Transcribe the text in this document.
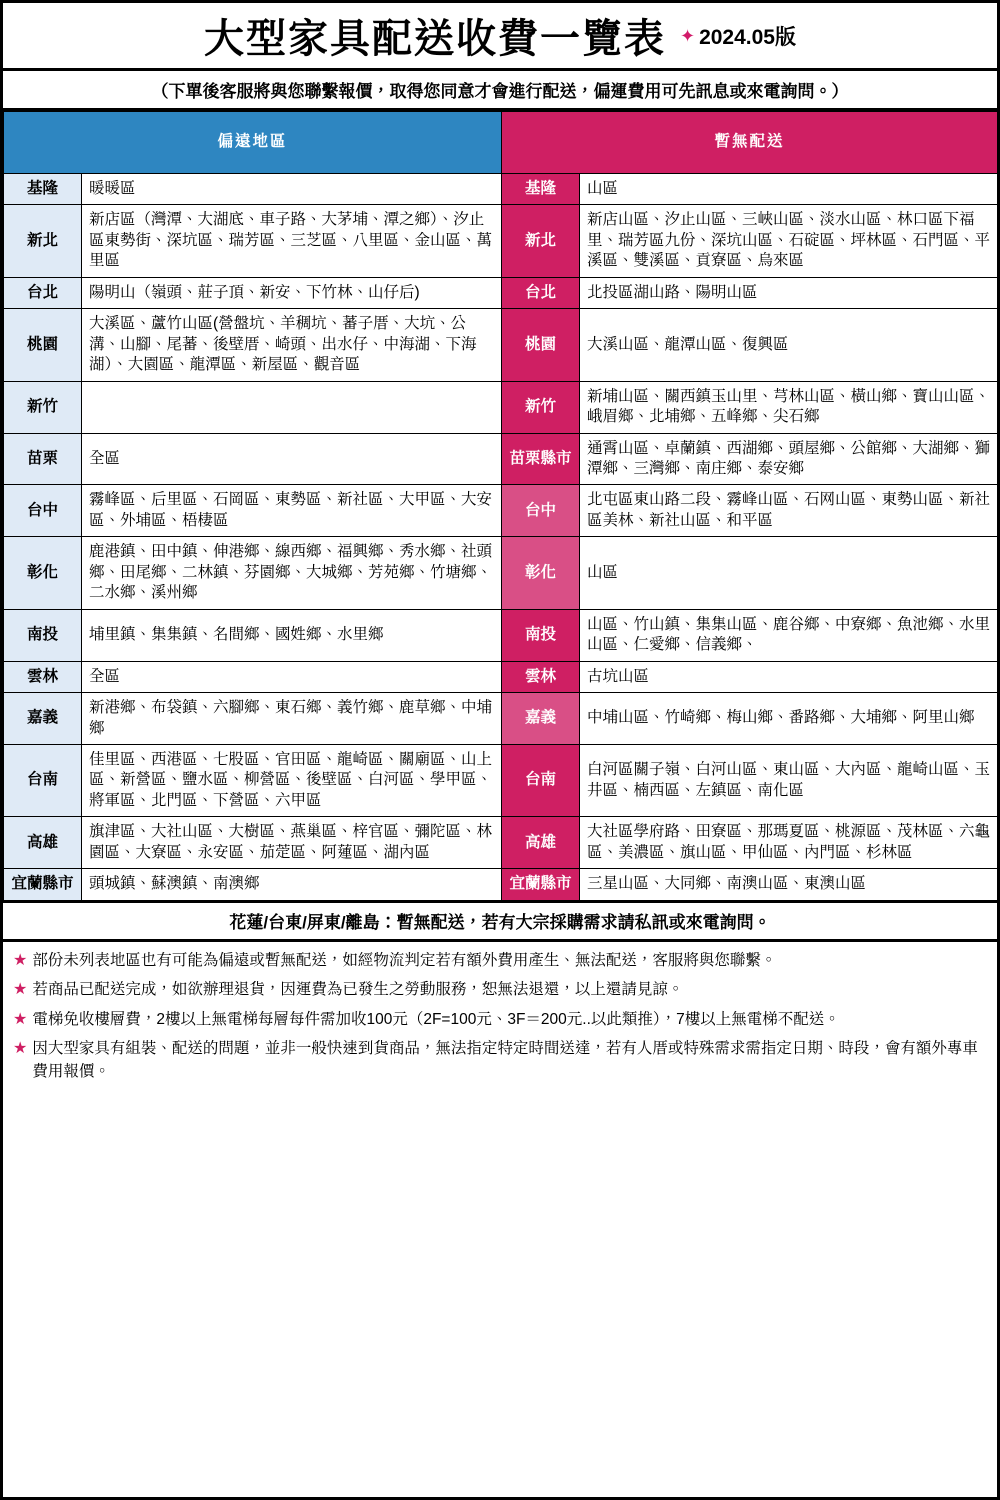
大型家具配送收費一覽表 ✦ 2024.05版
（下單後客服將與您聯繫報價，取得您同意才會進行配送，偏運費用可先訊息或來電詢問。）
偏遠地區		暫無配送	
基隆	暖暖區	基隆	山區
新北	新店區（灣潭、大湖底、車子路、大茅埔、潭之鄉）、汐止區東勢街、深坑區、瑞芳區、三芝區、八里區、金山區、萬里區	新北	新店山區、汐止山區、三峽山區、淡水山區、林口區下福里、瑞芳區九份、深坑山區、石碇區、坪林區、石門區、平溪區、雙溪區、貢寮區、烏來區
台北	陽明山（嶺頭、莊子頂、新安、下竹林、山仔后)	台北	北投區湖山路、陽明山區
桃園	大溪區、蘆竹山區(營盤坑、羊稠坑、蕃子厝、大坑、公溝、山腳、尾蕃、後壁厝、崎頭、出水仔、中海湖、下海湖）、大園區、龍潭區、新屋區、觀音區	桃園	大溪山區、龍潭山區、復興區
新竹		新竹	新埔山區、關西鎮玉山里、芎林山區、橫山鄉、寶山山區、峨眉鄉、北埔鄉、五峰鄉、尖石鄉
苗栗	全區	苗栗縣市	通霄山區、卓蘭鎮、西湖鄉、頭屋鄉、公館鄉、大湖鄉、獅潭鄉、三灣鄉、南庄鄉、泰安鄉
台中	霧峰區、后里區、石岡區、東勢區、新社區、大甲區、大安區、外埔區、梧棲區	台中	北屯區東山路二段、霧峰山區、石网山區、東勢山區、新社區美林、新社山區、和平區
彰化	鹿港鎮、田中鎮、伸港鄉、線西鄉、福興鄉、秀水鄉、社頭鄉、田尾鄉、二林鎮、芬園鄉、大城鄉、芳苑鄉、竹塘鄉、二水鄉、溪州鄉	彰化	山區
南投	埔里鎮、集集鎮、名間鄉、國姓鄉、水里鄉	南投	山區、竹山鎮、集集山區、鹿谷鄉、中寮鄉、魚池鄉、水里山區、仁愛鄉、信義鄉、
雲林	全區	雲林	古坑山區
嘉義	新港鄉、布袋鎮、六腳鄉、東石鄉、義竹鄉、鹿草鄉、中埔鄉	嘉義	中埔山區、竹崎鄉、梅山鄉、番路鄉、大埔鄉、阿里山鄉
台南	佳里區、西港區、七股區、官田區、龍崎區、關廟區、山上區、新營區、鹽水區、柳營區、後壁區、白河區、學甲區、將軍區、北門區、下營區、六甲區	台南	白河區關子嶺、白河山區、東山區、大內區、龍崎山區、玉井區、楠西區、左鎮區、南化區
高雄	旗津區、大社山區、大樹區、燕巢區、梓官區、彌陀區、林園區、大寮區、永安區、茄萣區、阿蓮區、湖內區	高雄	大社區學府路、田寮區、那瑪夏區、桃源區、茂林區、六龜區、美濃區、旗山區、甲仙區、內門區、杉林區
宜蘭縣市	頭城鎮、蘇澳鎮、南澳鄉	宜蘭縣市	三星山區、大同鄉、南澳山區、東澳山區
花蓮/台東/屏東/離島：暫無配送，若有大宗採購需求請私訊或來電詢問。
★ 部份未列表地區也有可能為偏遠或暫無配送，如經物流判定若有額外費用產生、無法配送，客服將與您聯繫。
★ 若商品已配送完成，如欲辦理退貨，因運費為已發生之勞動服務，恕無法退還，以上還請見諒。
★ 電梯免收樓層費，2樓以上無電梯每層每件需加收100元（2F=100元、3F＝200元..以此類推），7樓以上無電梯不配送。
★ 因大型家具有組裝、配送的問題，並非一般快速到貨商品，無法指定特定時間送達，若有人厝或特殊需求需指定日期、時段，會有額外專車費用報價。
